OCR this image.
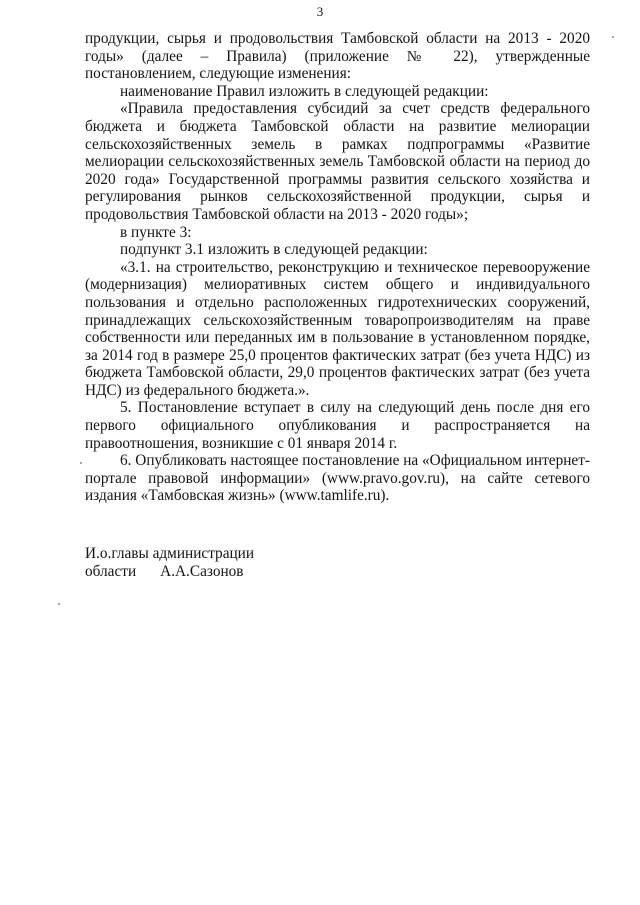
3

продукции, сырья и продовольствия Тамбовской области на 2013 - 2020 годы» (далее – Правила) (приложение № 22), утвержденные постановлением, следующие изменения:

наименование Правил изложить в следующей редакции:

«Правила предоставления субсидий за счет средств федерального бюджета и бюджета Тамбовской области на развитие мелиорации сельскохозяйственных земель в рамках подпрограммы «Развитие мелиорации сельскохозяйственных земель Тамбовской области на период до 2020 года» Государственной программы развития сельского хозяйства и регулирования рынков сельскохозяйственной продукции, сырья и продовольствия Тамбовской области на 2013 - 2020 годы»;

в пункте 3:

подпункт 3.1 изложить в следующей редакции:

«3.1. на строительство, реконструкцию и техническое перевооружение (модернизация) мелиоративных систем общего и индивидуального пользования и отдельно расположенных гидротехнических сооружений, принадлежащих сельскохозяйственным товаропроизводителям на праве собственности или переданных им в пользование в установленном порядке, за 2014 год в размере 25,0 процентов фактических затрат (без учета НДС) из бюджета Тамбовской области, 29,0 процентов фактических затрат (без учета НДС) из федерального бюджета.».

5. Постановление вступает в силу на следующий день после дня его первого официального опубликования и распространяется на правоотношения, возникшие с 01 января 2014 г.

6. Опубликовать настоящее постановление на «Официальном интернет-портале правовой информации» (www.pravo.gov.ru), на сайте сетевого издания «Тамбовская жизнь» (www.tamlife.ru).

И.о.главы администрации
области А.А.Сазонов
